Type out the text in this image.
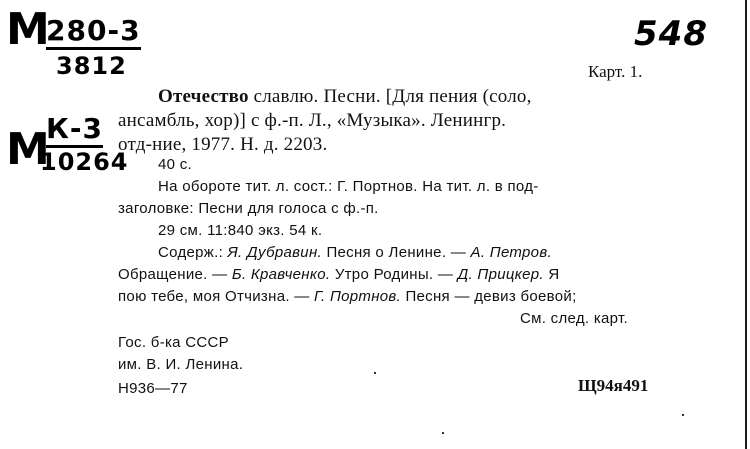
М
280-3
3812
М
К-3
10264
548
Карт. 1.
Отечество славлю. Песни. [Для пения (соло,
ансамбль, хор)] с ф.-п. Л., «Музыка». Ленингр.
отд-ние, 1977. Н. д. 2203.
40 с.
На обороте тит. л. сост.: Г. Портнов. На тит. л. в под-
заголовке: Песни для голоса с ф.-п.
29 см. 11:840 экз. 54 к.
Содерж.: Я. Дубравин. Песня о Ленине. — А. Петров.
Обращение. — Б. Кравченко. Утро Родины. — Д. Прицкер. Я
пою тебе, моя Отчизна. — Г. Портнов. Песня — девиз боевой;
См. след. карт.
Гос. б-ка СССР
им. В. И. Ленина.
Н936—77	Щ94я491
